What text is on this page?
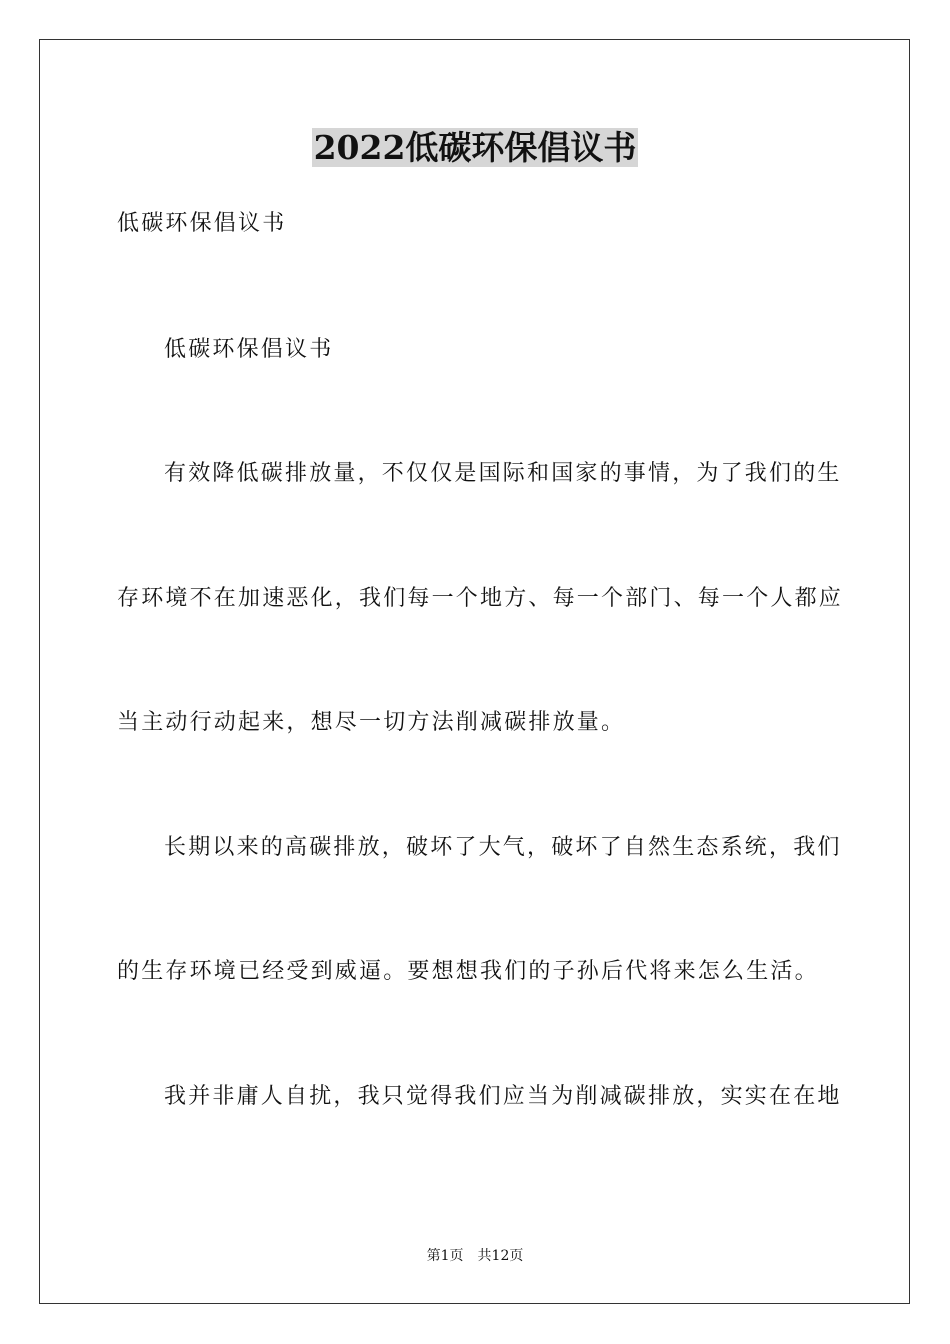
2022低碳环保倡议书
低碳环保倡议书
低碳环保倡议书
有效降低碳排放量，不仅仅是国际和国家的事情，为了我们的生
存环境不在加速恶化，我们每一个地方、每一个部门、每一个人都应
当主动行动起来，想尽一切方法削减碳排放量。
长期以来的高碳排放，破坏了大气，破坏了自然生态系统，我们
的生存环境已经受到威逼。要想想我们的子孙后代将来怎么生活。
我并非庸人自扰，我只觉得我们应当为削减碳排放，实实在在地
第1页　共12页
